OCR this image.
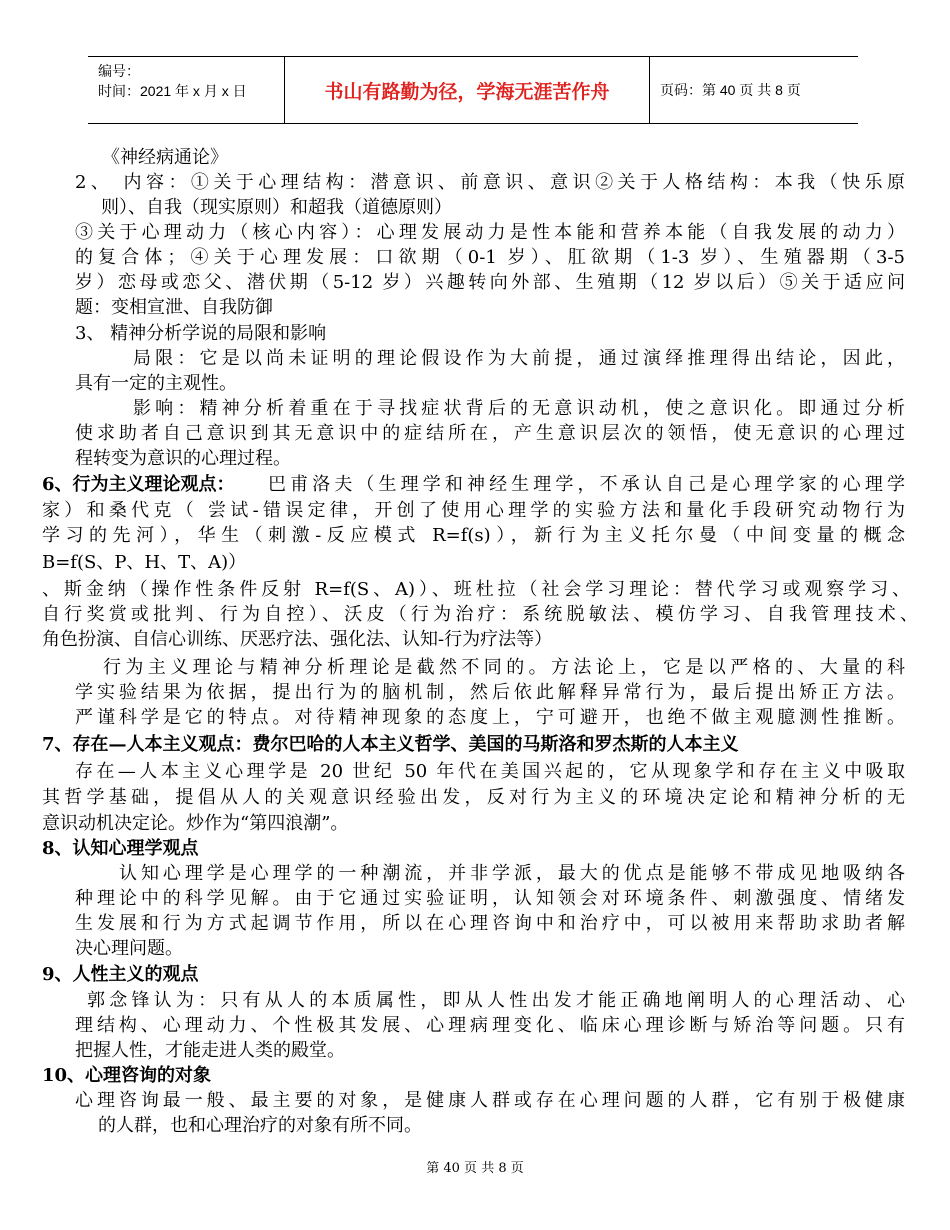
编号：
时间：2021 年 x 月 x 日	书山有路勤为径，学海无涯苦作舟	页码：第 40 页 共 8 页
《神经病通论》
2、 内容：①关于心理结构：潜意识、前意识、意识②关于人格结构：本我（快乐原
则）、自我（现实原则）和超我（道德原则）
③关于心理动力（核心内容）：心理发展动力是性本能和营养本能（自我发展的动力）
的复合体；④关于心理发展：口欲期（0-1 岁）、肛欲期（1-3 岁）、生殖器期（3-5
岁）恋母或恋父、潜伏期（5-12 岁）兴趣转向外部、生殖期（12 岁以后）⑤关于适应问
题：变相宣泄、自我防御
3、 精神分析学说的局限和影响
局限：它是以尚未证明的理论假设作为大前提，通过演绎推理得出结论，因此，
具有一定的主观性。
影响：精神分析着重在于寻找症状背后的无意识动机，使之意识化。即通过分析
使求助者自己意识到其无意识中的症结所在，产生意识层次的领悟，使无意识的心理过
程转变为意识的心理过程。
6、行为主义理论观点： 巴甫洛夫（生理学和神经生理学，不承认自己是心理学家的心理学
家）和桑代克（ 尝试-错误定律，开创了使用心理学的实验方法和量化手段研究动物行为
学习的先河），华生（刺激-反应模式 R=f(s)），新行为主义托尔曼（中间变量的概念
B=f(S、P、H、T、A)）
、斯金纳（操作性条件反射 R=f(S、A)）、班杜拉（社会学习理论：替代学习或观察学习、
自行奖赏或批判、行为自控）、沃皮（行为治疗：系统脱敏法、模仿学习、自我管理技术、
角色扮演、自信心训练、厌恶疗法、强化法、认知-行为疗法等）
行为主义理论与精神分析理论是截然不同的。方法论上，它是以严格的、大量的科
学实验结果为依据，提出行为的脑机制，然后依此解释异常行为，最后提出矫正方法。
严谨科学是它的特点。对待精神现象的态度上，宁可避开，也绝不做主观臆测性推断。
7、存在—人本主义观点：费尔巴哈的人本主义哲学、美国的马斯洛和罗杰斯的人本主义
存在—人本主义心理学是 20 世纪 50 年代在美国兴起的，它从现象学和存在主义中吸取
其哲学基础，提倡从人的关观意识经验出发，反对行为主义的环境决定论和精神分析的无
意识动机决定论。炒作为“第四浪潮”。
8、认知心理学观点
认知心理学是心理学的一种潮流，并非学派，最大的优点是能够不带成见地吸纳各
种理论中的科学见解。由于它通过实验证明，认知领会对环境条件、刺激强度、情绪发
生发展和行为方式起调节作用，所以在心理咨询中和治疗中，可以被用来帮助求助者解
决心理问题。
9、人性主义的观点
郭念锋认为：只有从人的本质属性，即从人性出发才能正确地阐明人的心理活动、心
理结构、心理动力、个性极其发展、心理病理变化、临床心理诊断与矫治等问题。只有
把握人性，才能走进人类的殿堂。
10、心理咨询的对象
心理咨询最一般、最主要的对象，是健康人群或存在心理问题的人群，它有别于极健康
的人群，也和心理治疗的对象有所不同。
第 40 页 共 8 页
